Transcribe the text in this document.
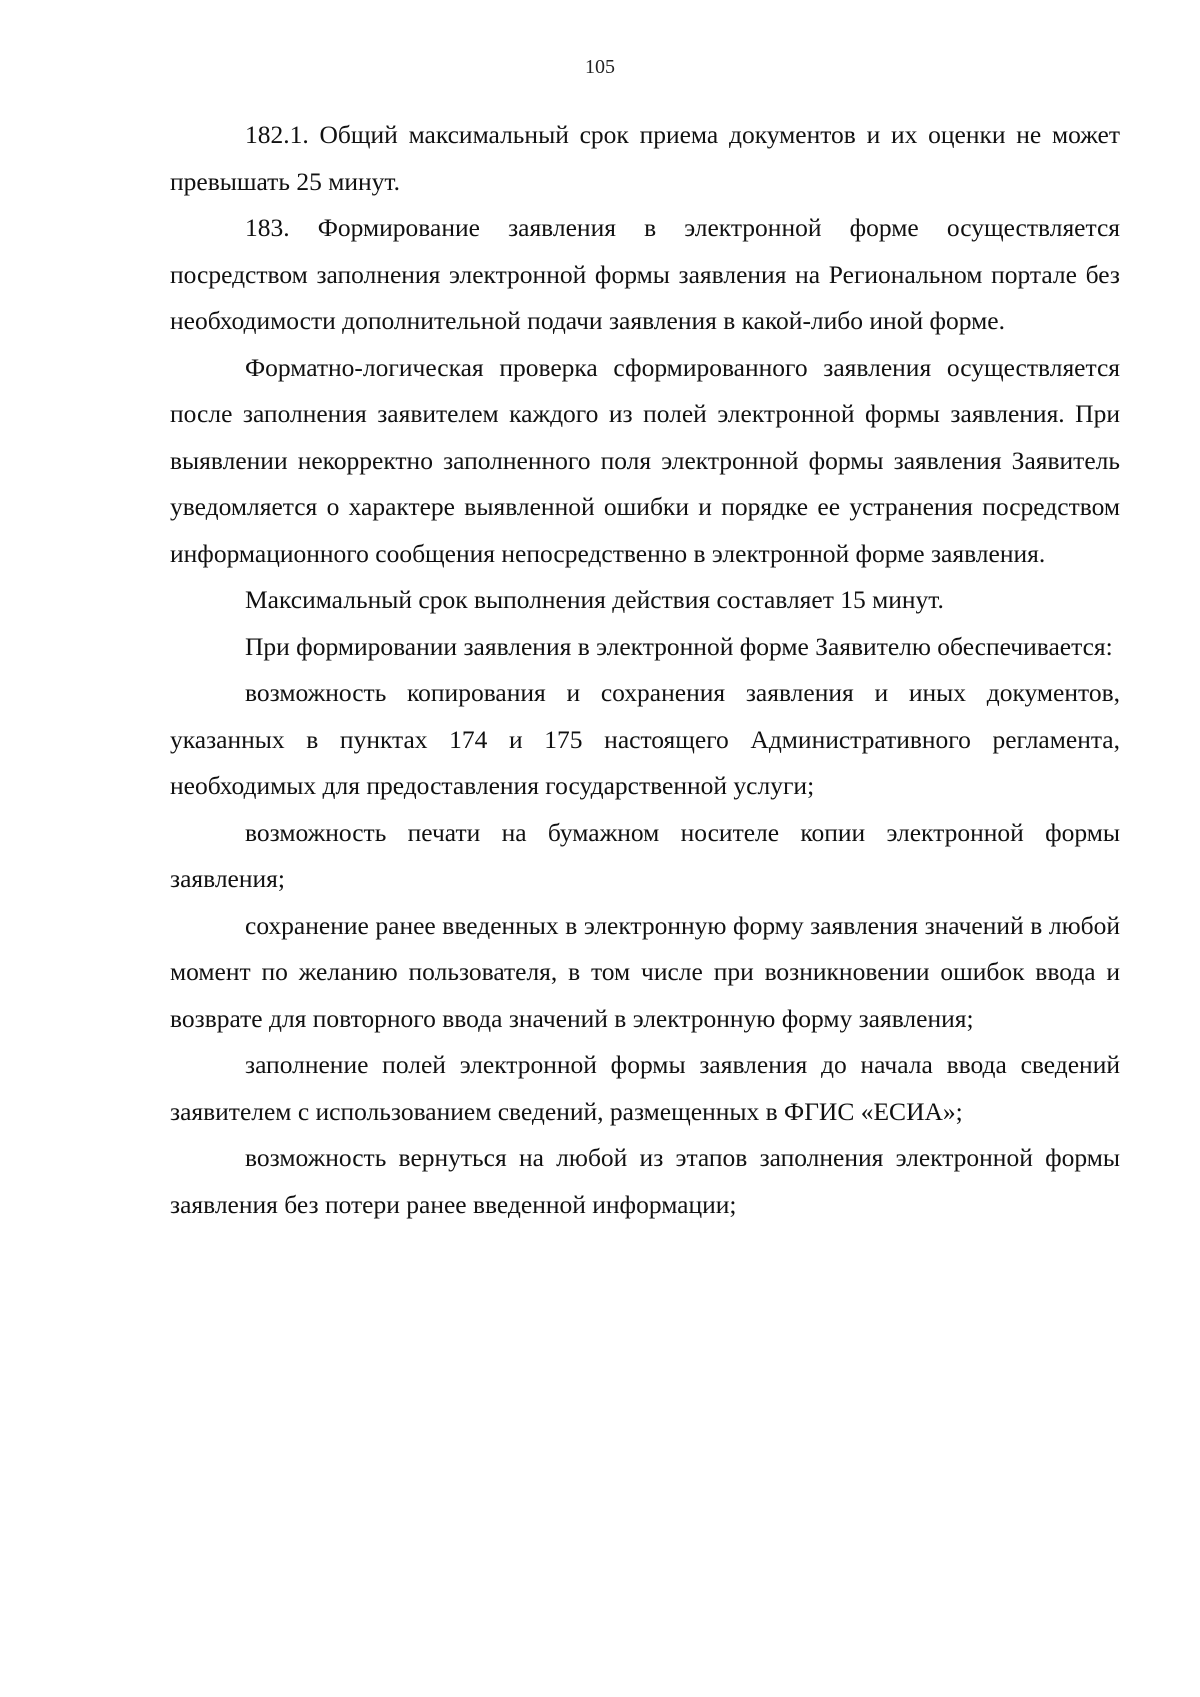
105

182.1. Общий максимальный срок приема документов и их оценки не может превышать 25 минут.

183. Формирование заявления в электронной форме осуществляется посредством заполнения электронной формы заявления на Региональном портале без необходимости дополнительной подачи заявления в какой-либо иной форме.

Форматно-логическая проверка сформированного заявления осуществляется после заполнения заявителем каждого из полей электронной формы заявления. При выявлении некорректно заполненного поля электронной формы заявления Заявитель уведомляется о характере выявленной ошибки и порядке ее устранения посредством информационного сообщения непосредственно в электронной форме заявления.

Максимальный срок выполнения действия составляет 15 минут.

При формировании заявления в электронной форме Заявителю обеспечивается:

возможность копирования и сохранения заявления и иных документов, указанных в пунктах 174 и 175 настоящего Административного регламента, необходимых для предоставления государственной услуги;

возможность печати на бумажном носителе копии электронной формы заявления;

сохранение ранее введенных в электронную форму заявления значений в любой момент по желанию пользователя, в том числе при возникновении ошибок ввода и возврате для повторного ввода значений в электронную форму заявления;

заполнение полей электронной формы заявления до начала ввода сведений заявителем с использованием сведений, размещенных в ФГИС «ЕСИА»;

возможность вернуться на любой из этапов заполнения электронной формы заявления без потери ранее введенной информации;
